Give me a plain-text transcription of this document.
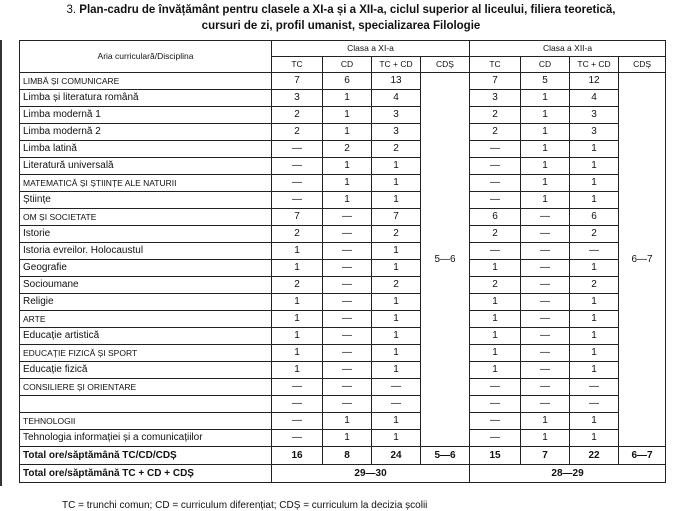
3. Plan-cadru de învățământ pentru clasele a XI-a și a XII-a, ciclul superior al liceului, filiera teoretică,
cursuri de zi, profil umanist, specializarea Filologie
Aria curriculară/Disciplina	Clasa a XI-a				Clasa a XII-a			
	TC	CD	TC + CD	CDȘ	TC	CD	TC + CD	CDȘ
LIMBĂ ȘI COMUNICARE	7	6	13	5—6	7	5	12	6—7
Limba și literatura română	3	1	4		3	1	4	
Limba modernă 1	2	1	3		2	1	3	
Limba modernă 2	2	1	3		2	1	3	
Limba latină	—	2	2		—	1	1	
Literatură universală	—	1	1		—	1	1	
MATEMATICĂ ȘI ȘTIINȚE ALE NATURII	—	1	1		—	1	1	
Științe	—	1	1		—	1	1	
OM ȘI SOCIETATE	7	—	7		6	—	6	
Istorie	2	—	2		2	—	2	
Istoria evreilor. Holocaustul	1	—	1		—	—	—	
Geografie	1	—	1		1	—	1	
Socioumane	2	—	2		2	—	2	
Religie	1	—	1		1	—	1	
ARTE	1	—	1		1	—	1	
Educație artistică	1	—	1		1	—	1	
EDUCAȚIE FIZICĂ ȘI SPORT	1	—	1		1	—	1	
Educație fizică	1	—	1		1	—	1	
CONSILIERE ȘI ORIENTARE	—	—	—		—	—	—	
	—	—	—		—	—	—	
TEHNOLOGII	—	1	1		—	1	1	
Tehnologia informației și a comunicațiilor	—	1	1		—	1	1	
Total ore/săptămână TC/CD/CDȘ	16	8	24	5—6	15	7	22	6—7
Total ore/săptămână TC + CD + CDȘ	29—30				28—29			
TC = trunchi comun; CD = curriculum diferențiat; CDȘ = curriculum la decizia școlii
